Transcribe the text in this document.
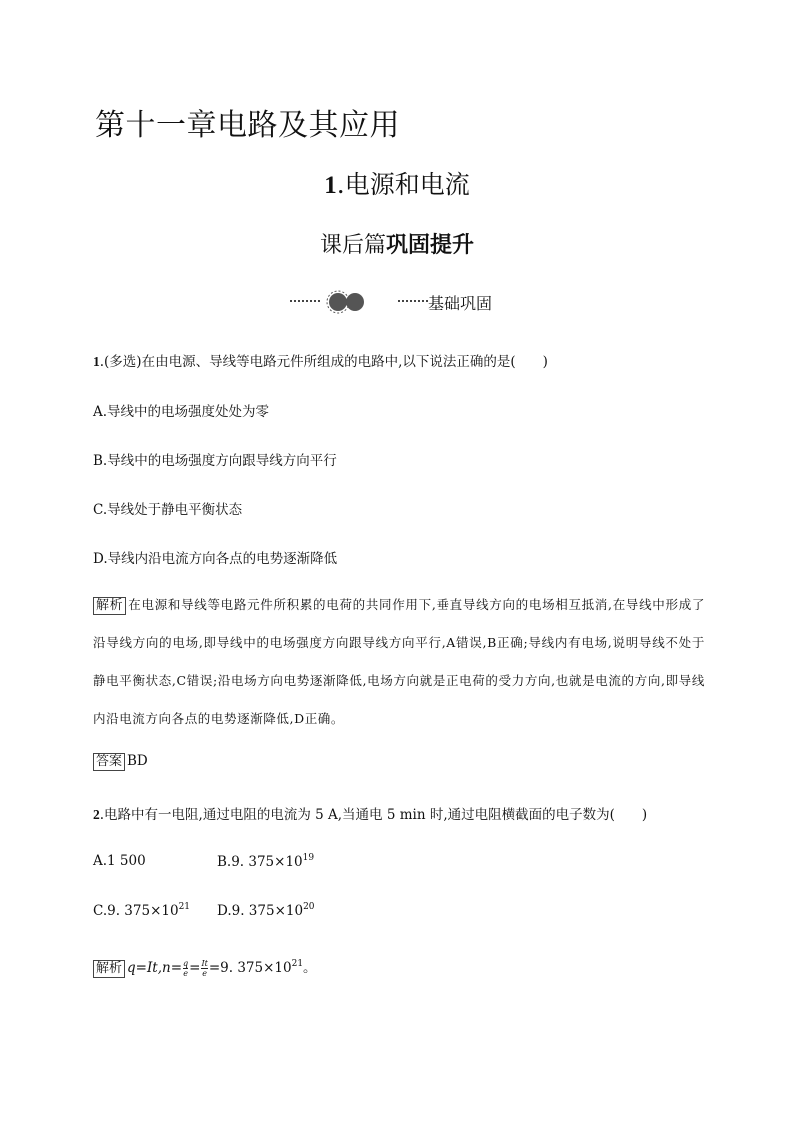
第十一章电路及其应用
1.电源和电流
课后篇巩固提升
基础巩固
1.(多选)在由电源、导线等电路元件所组成的电路中,以下说法正确的是(　　)
A.导线中的电场强度处处为零
B.导线中的电场强度方向跟导线方向平行
C.导线处于静电平衡状态
D.导线内沿电流方向各点的电势逐渐降低
解析 在电源和导线等电路元件所积累的电荷的共同作用下,垂直导线方向的电场相互抵消,在导线中形成了沿导线方向的电场,即导线中的电场强度方向跟导线方向平行,A错误,B正确;导线内有电场,说明导线不处于静电平衡状态,C错误;沿电场方向电势逐渐降低,电场方向就是正电荷的受力方向,也就是电流的方向,即导线内沿电流方向各点的电势逐渐降低,D正确。
答案 BD
2.电路中有一电阻,通过电阻的电流为 5 A,当通电 5 min 时,通过电阻横截面的电子数为(　　)
A.1 500	B.9. $375\times 10^{19}$
C.9. $375\times 10^{21}$ D.9. $375\times 10^{20}$
解析 $q=It,n= \frac{q}{e} = \frac{It}{e} =9$. $375\times 10^{21}$。
